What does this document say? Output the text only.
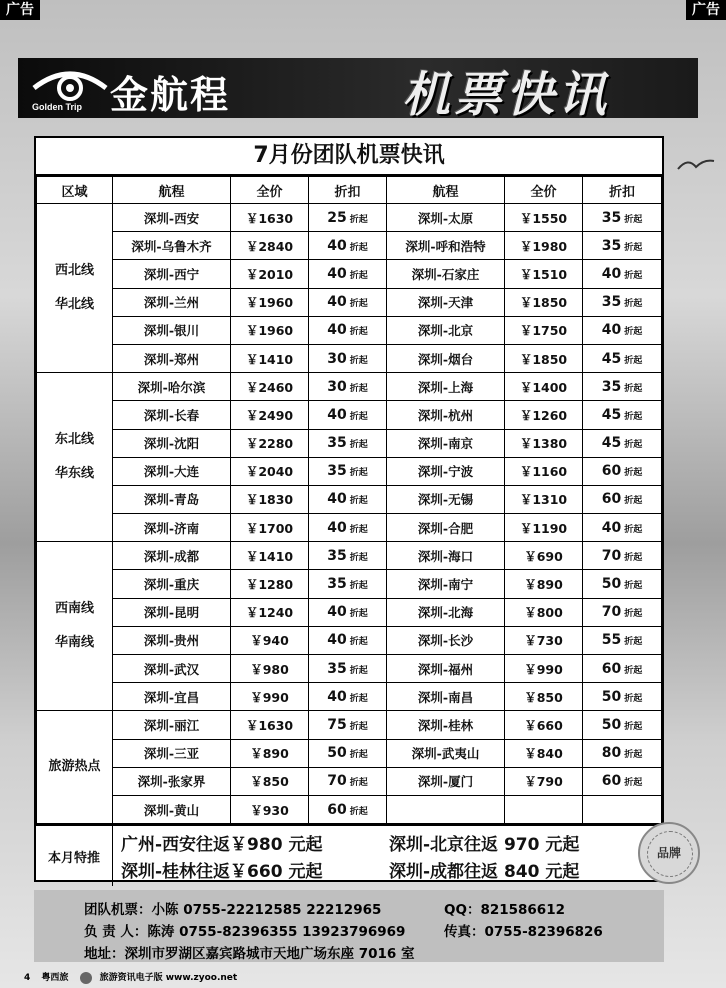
广告	广告
Golden Trip 金航程	机票快讯
7月份团队机票快讯
区域	航程	全价	折扣	航程	全价	折扣

西北线
华北线	深圳-西安	￥1630	25 折起	深圳-太原	￥1550	35 折起
	深圳-乌鲁木齐	￥2840	40 折起	深圳-呼和浩特	￥1980	35 折起
	深圳-西宁	￥2010	40 折起	深圳-石家庄	￥1510	40 折起
	深圳-兰州	￥1960	40 折起	深圳-天津	￥1850	35 折起
	深圳-银川	￥1960	40 折起	深圳-北京	￥1750	40 折起
	深圳-郑州	￥1410	30 折起	深圳-烟台	￥1850	45 折起

东北线
华东线	深圳-哈尔滨	￥2460	30 折起	深圳-上海	￥1400	35 折起
	深圳-长春	￥2490	40 折起	深圳-杭州	￥1260	45 折起
	深圳-沈阳	￥2280	35 折起	深圳-南京	￥1380	45 折起
	深圳-大连	￥2040	35 折起	深圳-宁波	￥1160	60 折起
	深圳-青岛	￥1830	40 折起	深圳-无锡	￥1310	60 折起
	深圳-济南	￥1700	40 折起	深圳-合肥	￥1190	40 折起

西南线
华南线	深圳-成都	￥1410	35 折起	深圳-海口	￥690	70 折起
	深圳-重庆	￥1280	35 折起	深圳-南宁	￥890	50 折起
	深圳-昆明	￥1240	40 折起	深圳-北海	￥800	70 折起
	深圳-贵州	￥940	40 折起	深圳-长沙	￥730	55 折起
	深圳-武汉	￥980	35 折起	深圳-福州	￥990	60 折起
	深圳-宜昌	￥990	40 折起	深圳-南昌	￥850	50 折起

旅游热点	深圳-丽江	￥1630	75 折起	深圳-桂林	￥660	50 折起
	深圳-三亚	￥890	50 折起	深圳-武夷山	￥840	80 折起
	深圳-张家界	￥850	70 折起	深圳-厦门	￥790	60 折起
	深圳-黄山	￥930	60 折起			
本月特推
广州-西安往返￥980 元起	深圳-北京往返 970 元起
深圳-桂林往返￥660 元起	深圳-成都往返 840 元起
品牌
团队机票：小陈 0755-22212585 22212965	QQ：821586612
负 责 人：陈涛 0755-82396355 13923796969	传真：0755-82396826
地址：深圳市罗湖区嘉宾路城市天地广场东座 7016 室
4 粤西旅	旅游资讯电子版 www.zyoo.net
